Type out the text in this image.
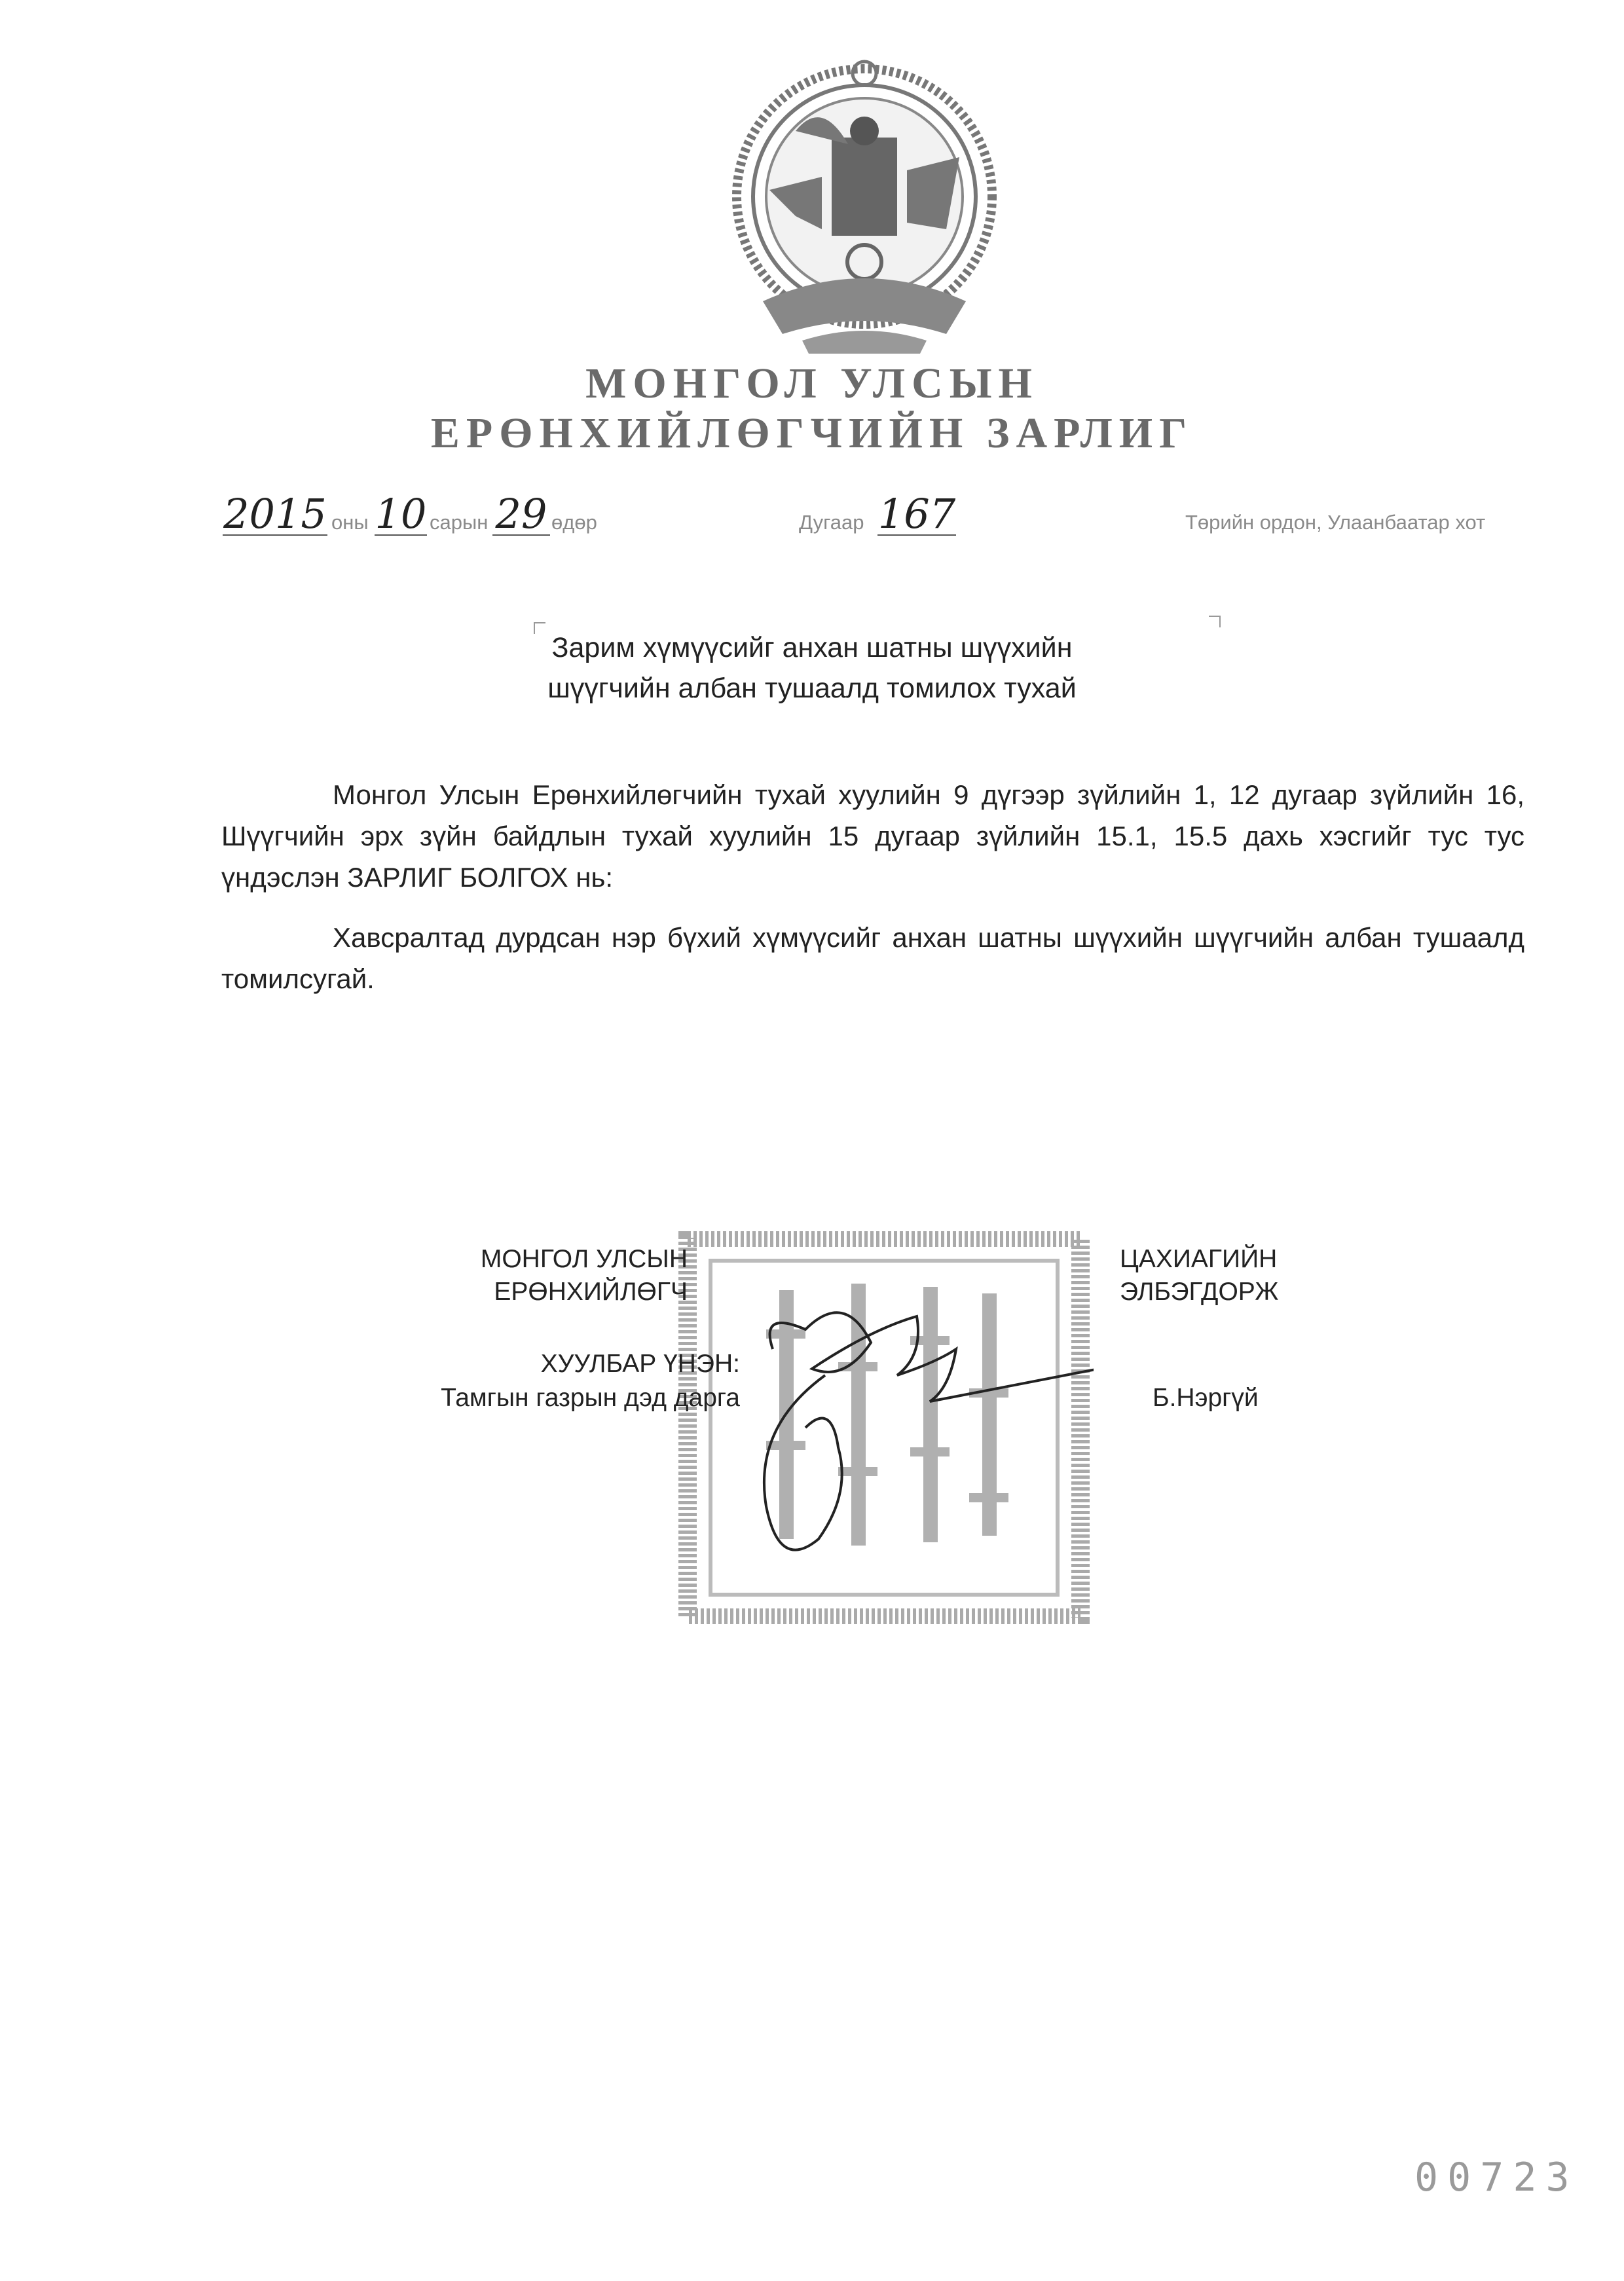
МОНГОЛ УЛСЫН
ЕРӨНХИЙЛӨГЧИЙН ЗАРЛИГ
2015 оны 10 сарын 29 өдөр	Дугаар 167	Төрийн ордон, Улаанбаатар хот
Зарим хүмүүсийг анхан шатны шүүхийн
шүүгчийн албан тушаалд томилох тухай
Монгол Улсын Ерөнхийлөгчийн тухай хуулийн 9 дүгээр зүйлийн 1, 12 дугаар зүйлийн 16, Шүүгчийн эрх зүйн байдлын тухай хуулийн 15 дугаар зүйлийн 15.1, 15.5 дахь хэсгийг тус тус үндэслэн ЗАРЛИГ БОЛГОХ нь:
Хавсралтад дурдсан нэр бүхий хүмүүсийг анхан шатны шүүхийн шүүгчийн албан тушаалд томилсугай.
МОНГОЛ УЛСЫН
ЕРӨНХИЙЛӨГЧ
ЦАХИАГИЙН
ЭЛБЭГДОРЖ
ХУУЛБАР ҮНЭН:
Тамгын газрын дэд дарга	Б.Нэргүй
00723
